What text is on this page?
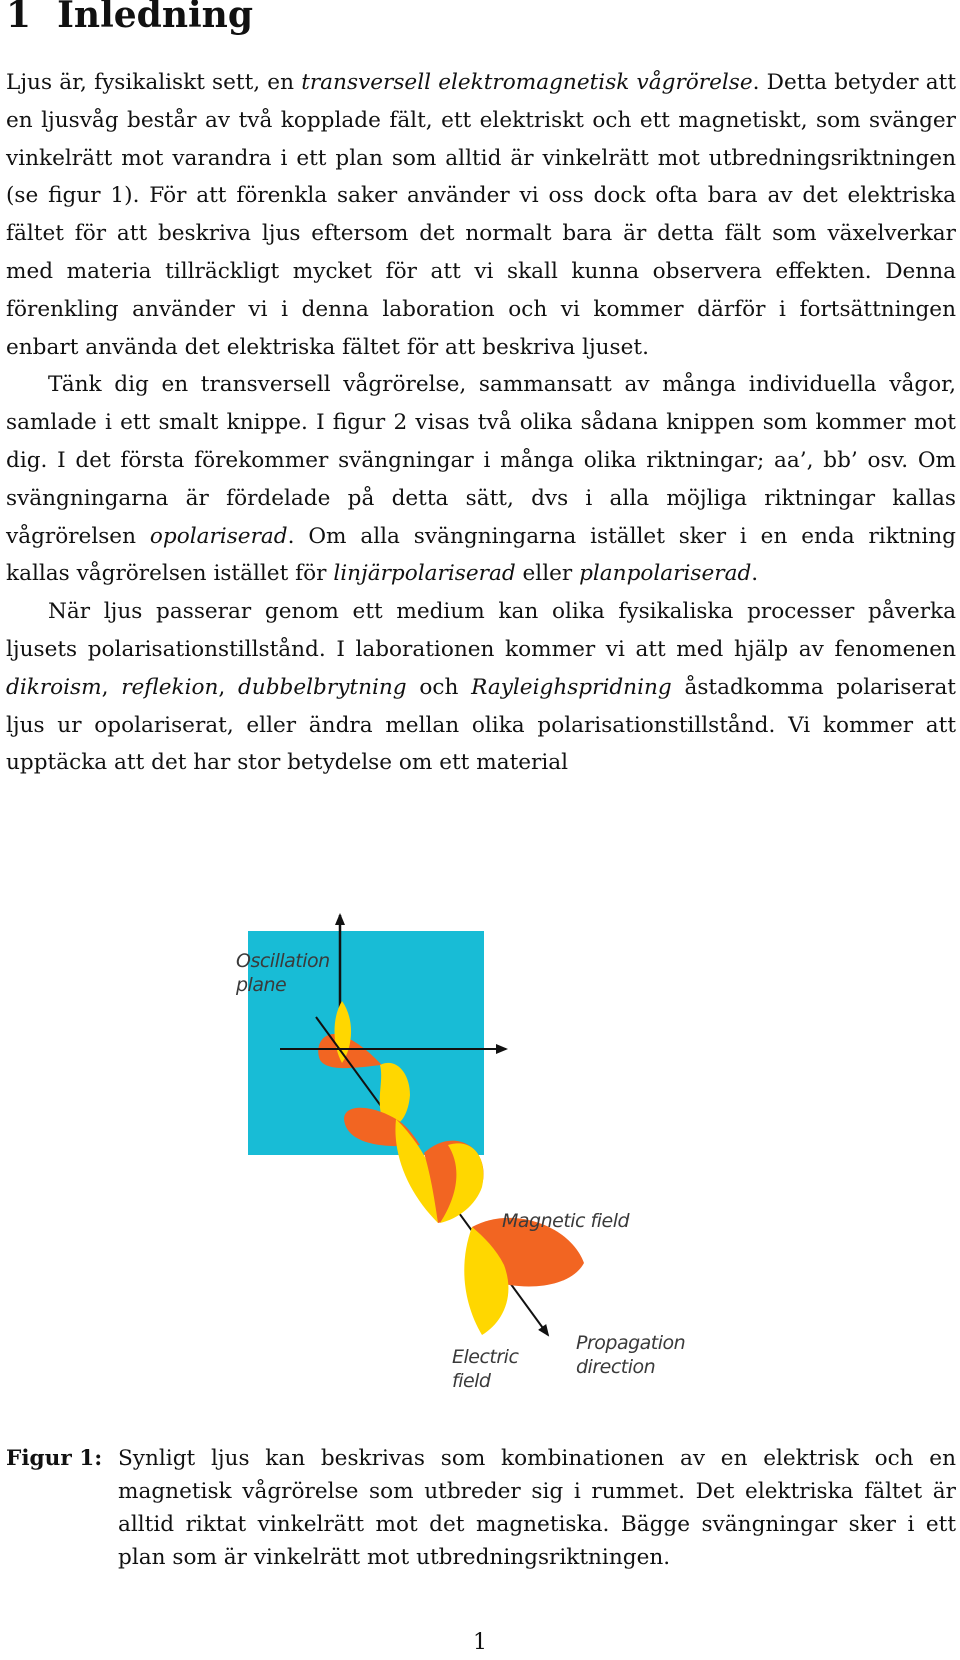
1 Inledning

Ljus är, fysikaliskt sett, en transversell elektromagnetisk vågrörelse. Detta betyder att en ljusvåg består av två kopplade fält, ett elektriskt och ett magnetiskt, som svänger vinkelrätt mot varandra i ett plan som alltid är vinkelrätt mot utbredningsriktningen (se figur 1). För att förenkla saker använder vi oss dock ofta bara av det elektriska fältet för att beskriva ljus eftersom det normalt bara är detta fält som växelverkar med materia tillräckligt mycket för att vi skall kunna observera effekten. Denna förenkling använder vi i denna laboration och vi kommer därför i fortsättningen enbart använda det elektriska fältet för att beskriva ljuset.

Tänk dig en transversell vågrörelse, sammansatt av många individuella vågor, samlade i ett smalt knippe. I figur 2 visas två olika sådana knippen som kommer mot dig. I det första förekommer svängningar i många olika riktningar; aa’, bb’ osv. Om svängningarna är fördelade på detta sätt, dvs i alla möjliga riktningar kallas vågrörelsen opolariserad. Om alla svängningarna istället sker i en enda riktning kallas vågrörelsen istället för linjärpolariserad eller planpolariserad.

När ljus passerar genom ett medium kan olika fysikaliska processer påverka ljusets polarisationstillstånd. I laborationen kommer vi att med hjälp av fenomenen dikroism, reflekion, dubbelbrytning och Rayleighspridning åstadkomma polariserat ljus ur opolariserat, eller ändra mellan olika polarisationstillstånd. Vi kommer att upptäcka att det har stor betydelse om ett material

Oscillation
plane
Magnetic field
Electric
field
Propagation
direction
Figur 1: Synligt ljus kan beskrivas som kombinationen av en elektrisk och en magnetisk vågrörelse som utbreder sig i rummet. Det elektriska fältet är alltid riktat vinkelrätt mot det magnetiska. Bägge svängningar sker i ett plan som är vinkelrätt mot utbredningsriktningen.
1
